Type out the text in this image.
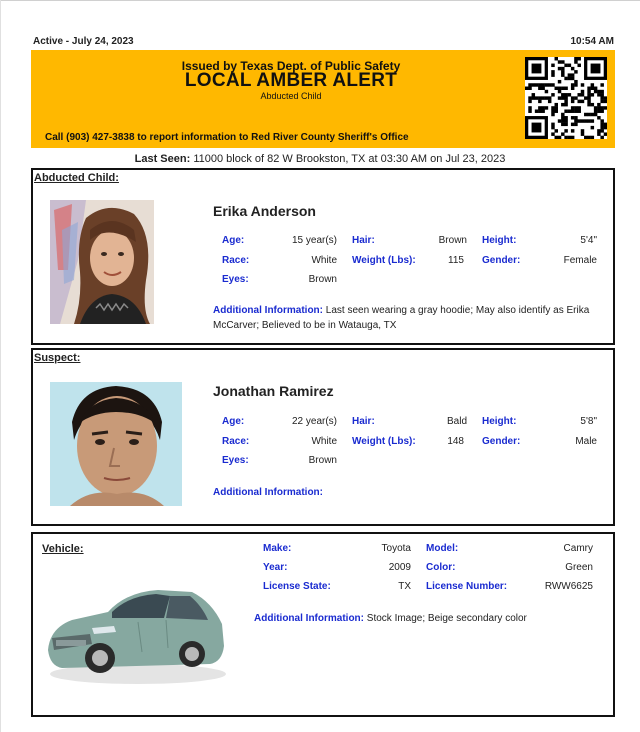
Active - July 24, 2023	10:54 AM
Issued by Texas Dept. of Public Safety
LOCAL AMBER ALERT
Abducted Child
Call (903) 427-3838 to report information to Red River County Sheriff's Office
Last Seen: 11000 block of 82 W Brookston, TX at 03:30 AM on Jul 23, 2023
Abducted Child:
Erika Anderson
Age:	15 year(s) Hair:	Brown Height:	5'4"
Race:	White Weight (Lbs):	115 Gender:	Female
Eyes:	Brown
Additional Information: Last seen wearing a gray hoodie; May also identify as Erika McCarver; Believed to be in Watauga, TX
Suspect:
Jonathan Ramirez
Age:	22 year(s) Hair:	Bald Height:	5'8"
Race:	White Weight (Lbs):	148 Gender:	Male
Eyes:	Brown
Additional Information:
Vehicle:	Make:	Toyota Model:	Camry
Year:	2009 Color:	Green
License State:	TX License Number:	RWW6625
Additional Information: Stock Image; Beige secondary color
